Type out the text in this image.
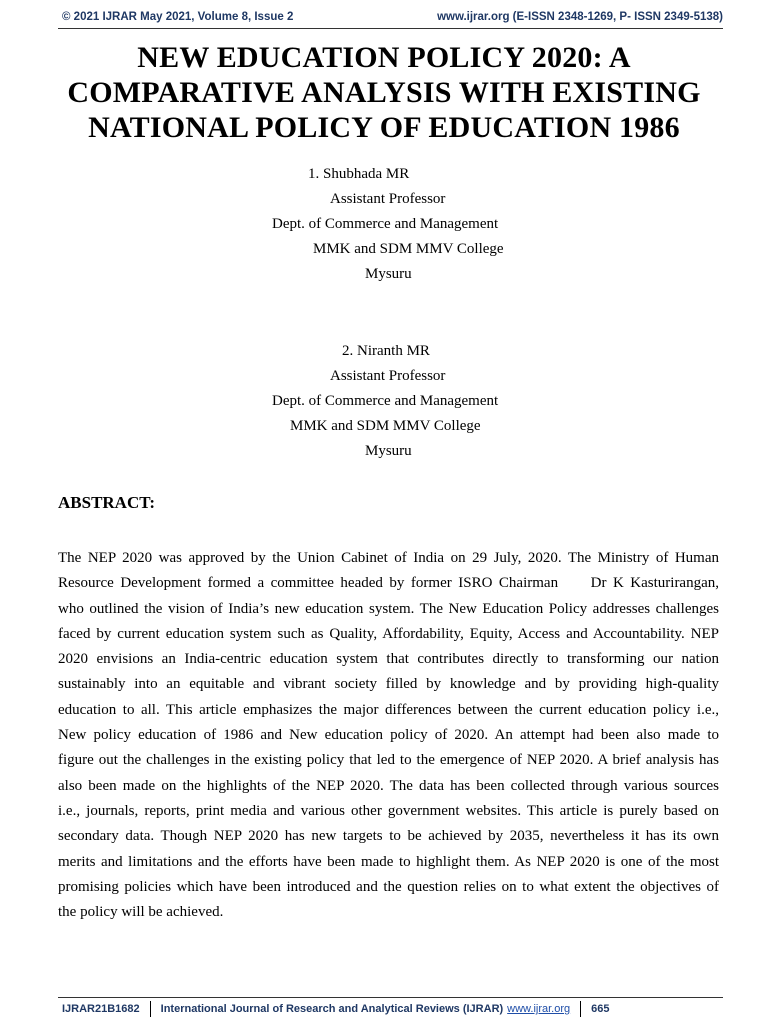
© 2021 IJRAR May 2021, Volume 8, Issue 2	www.ijrar.org (E-ISSN 2348-1269, P- ISSN 2349-5138)
NEW EDUCATION POLICY 2020: A
COMPARATIVE ANALYSIS WITH EXISTING
NATIONAL POLICY OF EDUCATION 1986
1. Shubhada MR
Assistant Professor
Dept. of Commerce and Management
MMK and SDM MMV College
Mysuru
2. Niranth MR
Assistant Professor
Dept. of Commerce and Management
MMK and SDM MMV College
Mysuru
ABSTRACT:
The NEP 2020 was approved by the Union Cabinet of India on 29 July, 2020. The Ministry of Human
Resource Development formed a committee headed by former ISRO Chairman     Dr K Kasturirangan,
who outlined the vision of India’s new education system. The New Education Policy addresses challenges
faced by current education system such as Quality, Affordability, Equity, Access and Accountability. NEP
2020 envisions an India-centric education system that contributes directly to transforming our nation
sustainably into an equitable and vibrant society filled by knowledge and by providing high-quality
education to all. This article emphasizes the major differences between the current education policy i.e.,
New policy education of 1986 and New education policy of 2020. An attempt had been also made to
figure out the challenges in the existing policy that led to the emergence of NEP 2020. A brief analysis has
also been made on the highlights of the NEP 2020. The data has been collected through various sources
i.e., journals, reports, print media and various other government websites. This article is purely based on
secondary data. Though NEP 2020 has new targets to be achieved by 2035, nevertheless it has its own
merits and limitations and the efforts have been made to highlight them. As NEP 2020 is one of the most
promising policies which have been introduced and the question relies on to what extent the objectives of
the policy will be achieved.
IJRAR21B1682 International Journal of Research and Analytical Reviews (IJRAR) www.ijrar.org 665
